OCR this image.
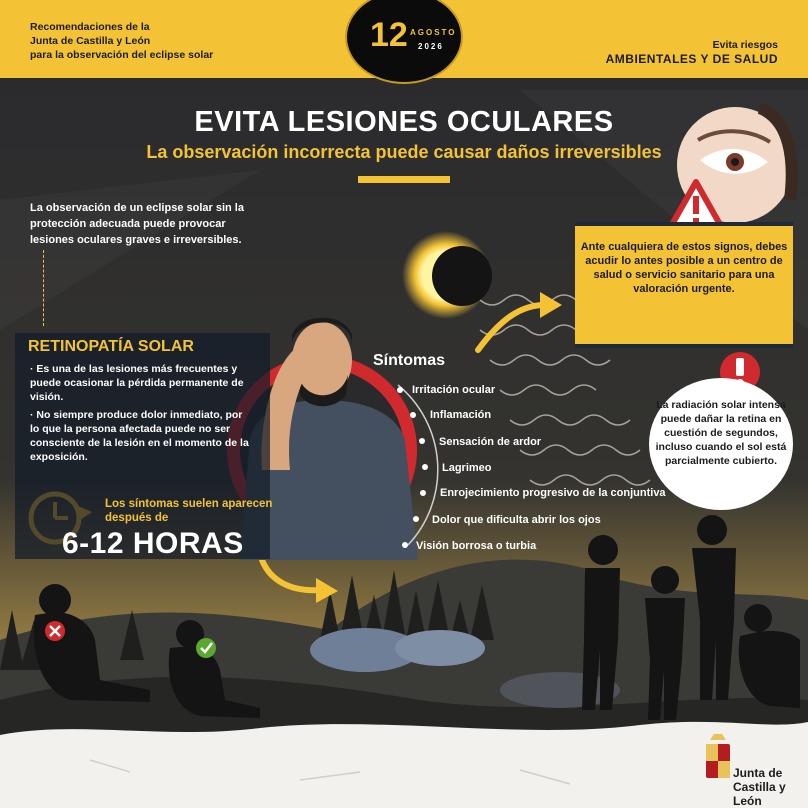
Recomendaciones de la
Junta de Castilla y León
para la observación del eclipse solar
Evita riesgos
AMBIENTALES Y DE SALUD
12 AGOSTO
2026
EVITA LESIONES OCULARES
La observación incorrecta puede causar daños irreversibles
La observación de un eclipse solar sin la protección adecuada puede provocar lesiones oculares graves e irreversibles.
RETINOPATÍA SOLAR
· Es una de las lesiones más frecuentes y puede ocasionar la pérdida permanente de visión.
· No siempre produce dolor inmediato, por lo que la persona afectada puede no ser consciente de la lesión en el momento de la exposición.
Los síntomas suelen aparecen después de
6-12 HORAS
Síntomas
Irritación ocular
Inflamación
Sensación de ardor
Lagrimeo
Enrojecimiento progresivo de la conjuntiva
Dolor que dificulta abrir los ojos
Visión borrosa o turbia
Ante cualquiera de estos signos, debes acudir lo antes posible a un centro de salud o servicio sanitario para una valoración urgente.
La radiación solar intensa puede dañar la retina en cuestión de segundos, incluso cuando el sol está parcialmente cubierto.
Junta de
Castilla y León
